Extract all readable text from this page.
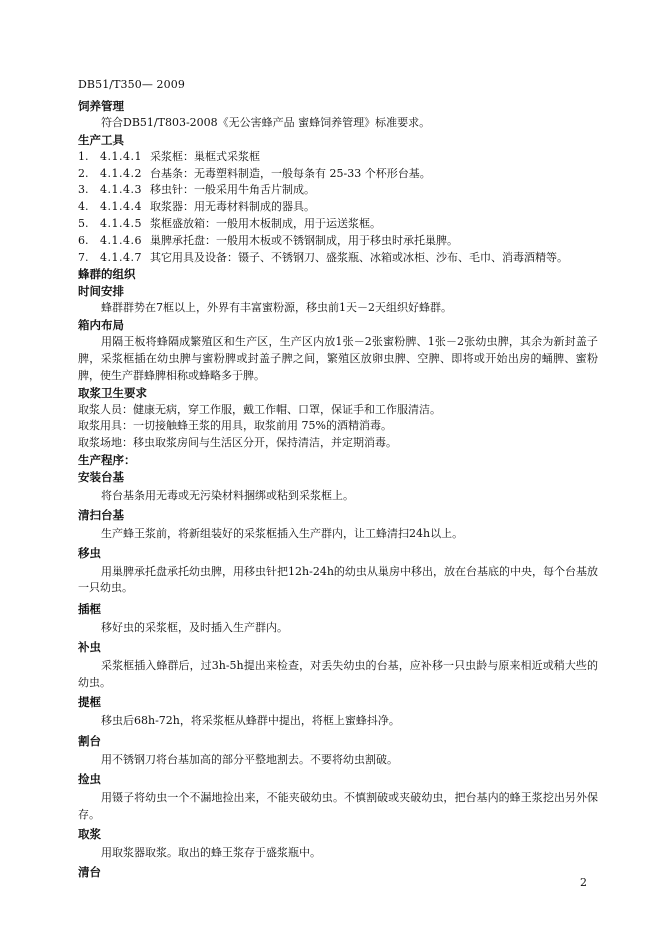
DB51/T350— 2009

饲养管理

符合DB51/T803-2008《无公害蜂产品 蜜蜂饲养管理》标准要求。

生产工具

1.	4.1.4.1 采浆框：巢框式采浆框
2.	4.1.4.2 台基条：无毒塑料制造，一般每条有 25-33 个杯形台基。
3.	4.1.4.3 移虫针：一般采用牛角舌片制成。
4.	4.1.4.4 取浆器：用无毒材料制成的器具。
5.	4.1.4.5 浆框盛放箱：一般用木板制成，用于运送浆框。
6.	4.1.4.6 巢脾承托盘：一般用木板或不锈钢制成，用于移虫时承托巢脾。
7.	4.1.4.7 其它用具及设备：镊子、不锈钢刀、盛浆瓶、冰箱或冰柜、沙布、毛巾、消毒酒精等。

蜂群的组织

时间安排

蜂群群势在7框以上，外界有丰富蜜粉源，移虫前1天－2天组织好蜂群。

箱内布局

用隔王板将蜂隔成繁殖区和生产区，生产区内放1张－2张蜜粉脾、1张－2张幼虫脾，其余为新封盖子脾，采浆框插在幼虫脾与蜜粉脾或封盖子脾之间，繁殖区放卵虫脾、空脾、即将或开始出房的蛹脾、蜜粉脾，使生产群蜂脾相称或蜂略多于脾。

取浆卫生要求

取浆人员：健康无病，穿工作服，戴工作帽、口罩，保证手和工作服清洁。

取浆用具：一切接触蜂王浆的用具，取浆前用 75%的酒精消毒。

取浆场地：移虫取浆房间与生活区分开，保持清洁，并定期消毒。

生产程序：

安装台基

将台基条用无毒或无污染材料捆绑或粘到采浆框上。

清扫台基

生产蜂王浆前，将新组装好的采浆框插入生产群内，让工蜂清扫24h以上。

移虫

用巢脾承托盘承托幼虫脾，用移虫针把12h-24h的幼虫从巢房中移出，放在台基底的中央，每个台基放一只幼虫。

插框

移好虫的采浆框，及时插入生产群内。

补虫

采浆框插入蜂群后，过3h-5h提出来检查，对丢失幼虫的台基，应补移一只虫龄与原来相近或稍大些的幼虫。

提框

移虫后68h-72h，将采浆框从蜂群中提出，将框上蜜蜂抖净。

割台

用不锈钢刀将台基加高的部分平整地割去。不要将幼虫割破。

捡虫

用镊子将幼虫一个不漏地捡出来，不能夹破幼虫。不慎割破或夹破幼虫，把台基内的蜂王浆挖出另外保存。

取浆

用取浆器取浆。取出的蜂王浆存于盛浆瓶中。

清台

2
